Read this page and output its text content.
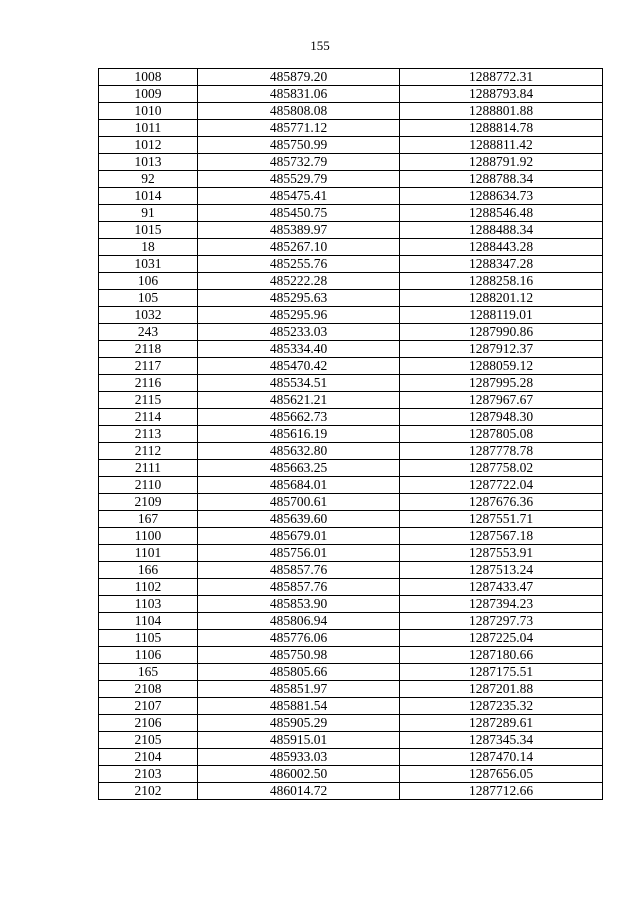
155
1008	485879.20	1288772.31
1009	485831.06	1288793.84
1010	485808.08	1288801.88
1011	485771.12	1288814.78
1012	485750.99	1288811.42
1013	485732.79	1288791.92
92	485529.79	1288788.34
1014	485475.41	1288634.73
91	485450.75	1288546.48
1015	485389.97	1288488.34
18	485267.10	1288443.28
1031	485255.76	1288347.28
106	485222.28	1288258.16
105	485295.63	1288201.12
1032	485295.96	1288119.01
243	485233.03	1287990.86
2118	485334.40	1287912.37
2117	485470.42	1288059.12
2116	485534.51	1287995.28
2115	485621.21	1287967.67
2114	485662.73	1287948.30
2113	485616.19	1287805.08
2112	485632.80	1287778.78
2111	485663.25	1287758.02
2110	485684.01	1287722.04
2109	485700.61	1287676.36
167	485639.60	1287551.71
1100	485679.01	1287567.18
1101	485756.01	1287553.91
166	485857.76	1287513.24
1102	485857.76	1287433.47
1103	485853.90	1287394.23
1104	485806.94	1287297.73
1105	485776.06	1287225.04
1106	485750.98	1287180.66
165	485805.66	1287175.51
2108	485851.97	1287201.88
2107	485881.54	1287235.32
2106	485905.29	1287289.61
2105	485915.01	1287345.34
2104	485933.03	1287470.14
2103	486002.50	1287656.05
2102	486014.72	1287712.66
